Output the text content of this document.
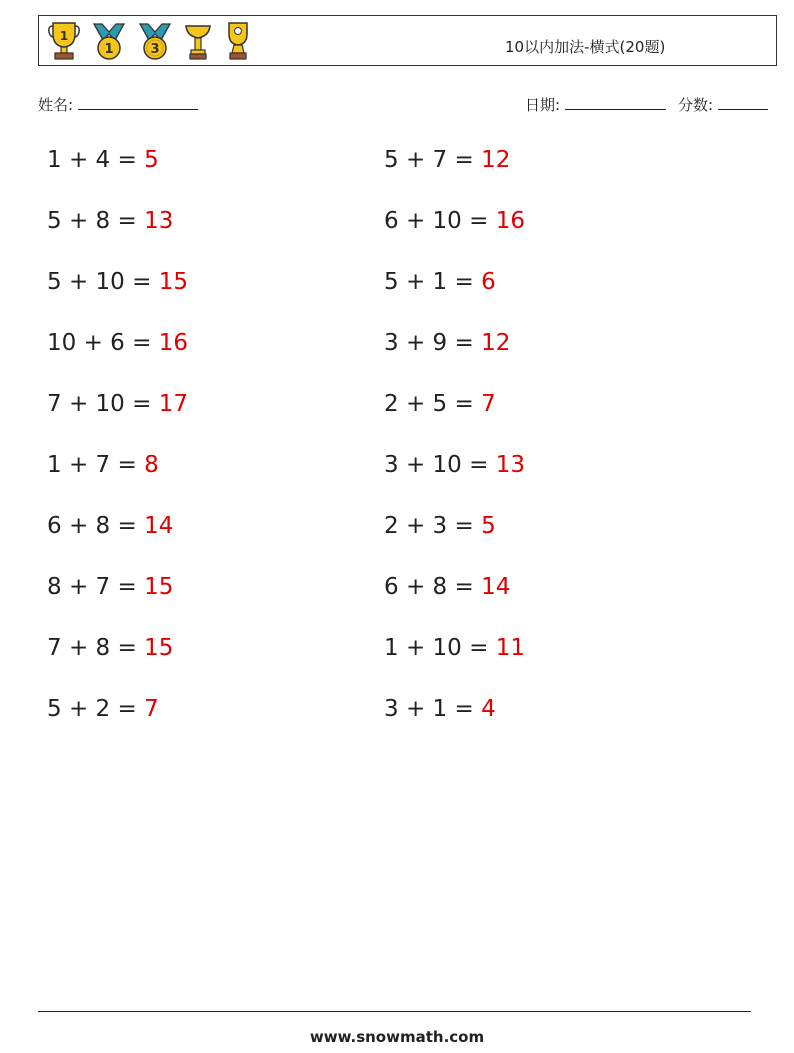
1
1	3	10以内加法-横式(20题)
姓名:	日期:	分数:
1 + 4 = 5	5 + 7 = 12
5 + 8 = 13	6 + 10 = 16
5 + 10 = 15	5 + 1 = 6
10 + 6 = 16	3 + 9 = 12
7 + 10 = 17	2 + 5 = 7
1 + 7 = 8	3 + 10 = 13
6 + 8 = 14	2 + 3 = 5
8 + 7 = 15	6 + 8 = 14
7 + 8 = 15	1 + 10 = 11
5 + 2 = 7	3 + 1 = 4
www.snowmath.com
